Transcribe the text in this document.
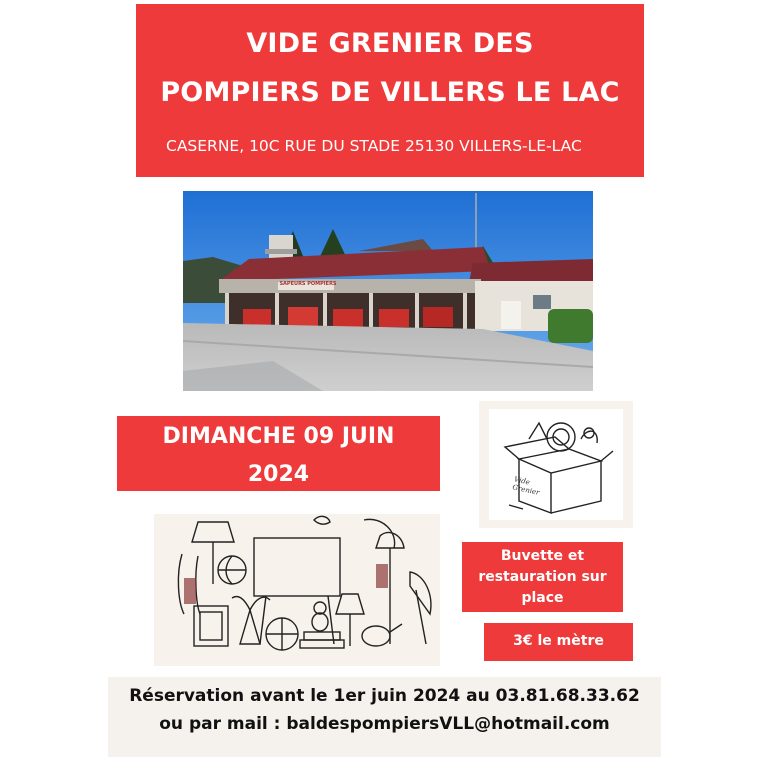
VIDE GRENIER DES
POMPIERS DE VILLERS LE LAC
CASERNE, 10C RUE DU STADE 25130 VILLERS-LE-LAC
SAPEURS POMPIERS
DIMANCHE 09 JUIN
2024	Vide Grenier
Buvette et
restauration sur
place
3€ le mètre
Réservation avant le 1er juin 2024 au 03.81.68.33.62
ou par mail : baldespompiersVLL@hotmail.com
